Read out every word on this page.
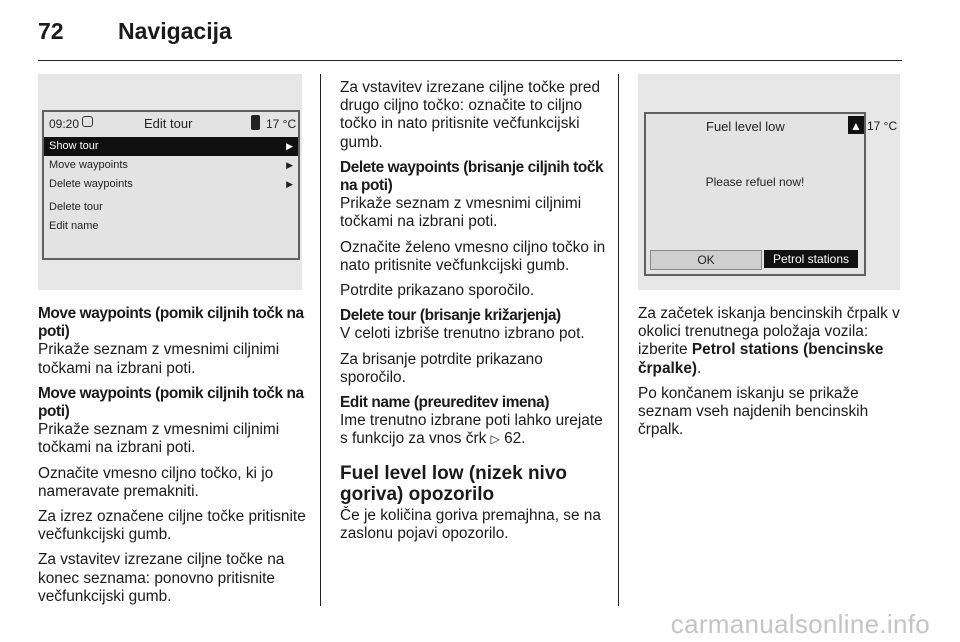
72 Navigacija
09:20	Edit tour	17 °C
Show tour	▶
Move waypoints	▶
Delete waypoints	▶
Delete tour
Edit name

Move waypoints (pomik ciljnih točk na poti)

Prikaže seznam z vmesnimi ciljnimi točkami na izbrani poti.

Move waypoints (pomik ciljnih točk na poti)

Prikaže seznam z vmesnimi ciljnimi točkami na izbrani poti.

Označite vmesno ciljno točko, ki jo nameravate premakniti.

Za izrez označene ciljne točke pritisnite večfunkcijski gumb.

Za vstavitev izrezane ciljne točke na konec seznama: ponovno pritisnite večfunkcijski gumb.

Za vstavitev izrezane ciljne točke pred drugo ciljno točko: označite to ciljno točko in nato pritisnite večfunkcijski gumb.

Delete waypoints (brisanje ciljnih točk na poti)

Prikaže seznam z vmesnimi ciljnimi točkami na izbrani poti.

Označite želeno vmesno ciljno točko in nato pritisnite večfunkcijski gumb.

Potrdite prikazano sporočilo.

Delete tour (brisanje križarjenja)

V celoti izbriše trenutno izbrano pot.

Za brisanje potrdite prikazano sporočilo.

Edit name (preureditev imena)

Ime trenutno izbrane poti lahko urejate s funkcijo za vnos črk ▷ 62.

Fuel level low (nizek nivo goriva) opozorilo

Če je količina goriva premajhna, se na zaslonu pojavi opozorilo.

Fuel level low
Please refuel now!
OK	Petrol stations
▲ 17 °C

Za začetek iskanja bencinskih črpalk v okolici trenutnega položaja vozila: izberite Petrol stations (bencinske črpalke).

Po končanem iskanju se prikaže seznam vseh najdenih bencinskih črpalk.

carmanualsonline.info
